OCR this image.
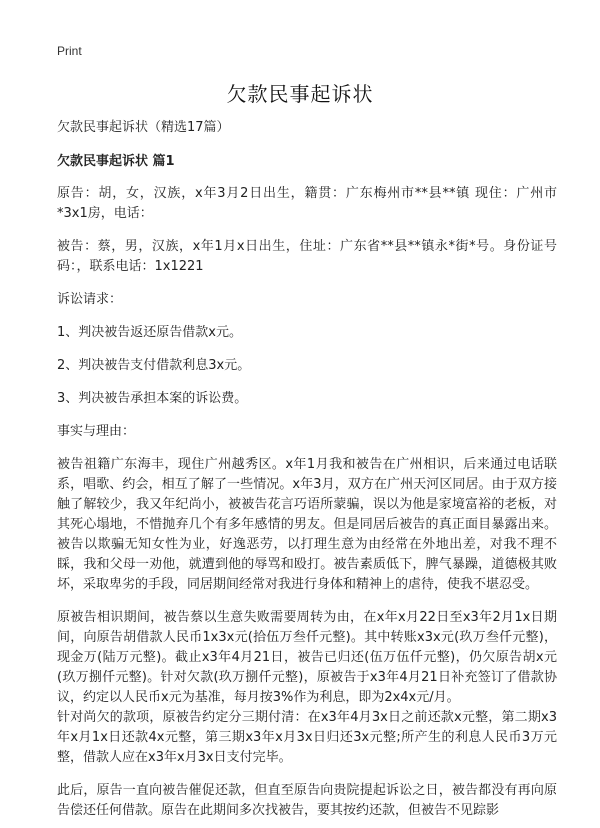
Print
欠款民事起诉状

欠款民事起诉状（精选17篇）

欠款民事起诉状 篇1

原告：胡，女，汉族，x年3月2日出生，籍贯：广东梅州市**县**镇 现住：广州市*3x1房，电话：

被告：蔡，男，汉族，x年1月x日出生，住址：广东省**县**镇永*街*号。身份证号码：，联系电话：1x1221

诉讼请求：

1、判决被告返还原告借款x元。

2、判决被告支付借款利息3x元。

3、判决被告承担本案的诉讼费。

事实与理由：

被告祖籍广东海丰，现住广州越秀区。x年1月我和被告在广州相识，后来通过电话联系，唱歌、约会，相互了解了一些情况。x年3月，双方在广州天河区同居。由于双方接触了解较少，我又年纪尚小，被被告花言巧语所蒙骗，误以为他是家境富裕的老板，对其死心塌地，不惜抛弃几个有多年感情的男友。但是同居后被告的真正面目暴露出来。被告以欺骗无知女性为业，好逸恶劳，以打理生意为由经常在外地出差，对我不理不睬，我和父母一劝他，就遭到他的辱骂和殴打。被告素质低下，脾气暴躁，道德极其败坏，采取卑劣的手段，同居期间经常对我进行身体和精神上的虐待，使我不堪忍受。

原被告相识期间，被告蔡以生意失败需要周转为由，在x年x月22日至x3年2月1x日期间，向原告胡借款人民币1x3x元(拾伍万叁仟元整)。其中转账x3x元(玖万叁仟元整)，现金万(陆万元整)。截止x3年4月21日，被告已归还(伍万伍仟元整)，仍欠原告胡x元(玖万捌仟元整)。针对欠款(玖万捌仟元整)，原被告于x3年4月21日补充签订了借款协议，约定以人民币x元为基准，每月按3%作为利息，即为2x4x元/月。

针对尚欠的款项，原被告约定分三期付清：在x3年4月3x日之前还款x元整，第二期x3年x月1x日还款4x元整，第三期x3年x月3x日归还3x元整;所产生的利息人民币3万元整，借款人应在x3年x月3x日支付完毕。

此后，原告一直向被告催促还款，但直至原告向贵院提起诉讼之日，被告都没有再向原告偿还任何借款。原告在此期间多次找被告，要其按约还款，但被告不见踪影
